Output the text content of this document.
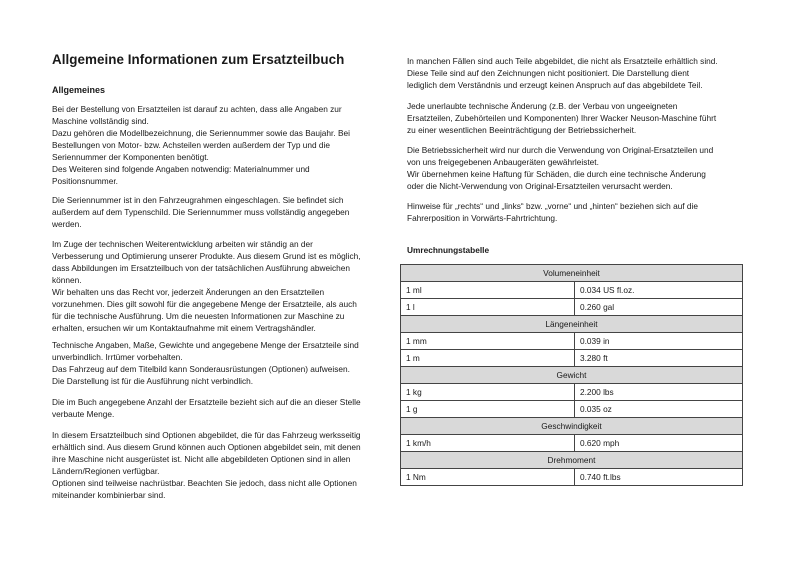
Allgemeine Informationen zum Ersatzteilbuch
Allgemeines

Bei der Bestellung von Ersatzteilen ist darauf zu achten, dass alle Angaben zur
Maschine vollständig sind.
Dazu gehören die Modellbezeichnung, die Seriennummer sowie das Baujahr. Bei
Bestellungen von Motor- bzw. Achsteilen werden außerdem der Typ und die
Seriennummer der Komponenten benötigt.
Des Weiteren sind folgende Angaben notwendig: Materialnummer und
Positionsnummer.

Die Seriennummer ist in den Fahrzeugrahmen eingeschlagen. Sie befindet sich
außerdem auf dem Typenschild. Die Seriennummer muss vollständig angegeben
werden.

Im Zuge der technischen Weiterentwicklung arbeiten wir ständig an der
Verbesserung und Optimierung unserer Produkte. Aus diesem Grund ist es möglich,
dass Abbildungen im Ersatzteilbuch von der tatsächlichen Ausführung abweichen
können.
Wir behalten uns das Recht vor, jederzeit Änderungen an den Ersatzteilen
vorzunehmen. Dies gilt sowohl für die angegebene Menge der Ersatzteile, als auch
für die technische Ausführung. Um die neuesten Informationen zur Maschine zu
erhalten, ersuchen wir um Kontaktaufnahme mit einem Vertragshändler.

Technische Angaben, Maße, Gewichte und angegebene Menge der Ersatzteile sind
unverbindlich. Irrtümer vorbehalten.
Das Fahrzeug auf dem Titelbild kann Sonderausrüstungen (Optionen) aufweisen.
Die Darstellung ist für die Ausführung nicht verbindlich.

Die im Buch angegebene Anzahl der Ersatzteile bezieht sich auf die an dieser Stelle
verbaute Menge.

In diesem Ersatzteilbuch sind Optionen abgebildet, die für das Fahrzeug werksseitig
erhältlich sind. Aus diesem Grund können auch Optionen abgebildet sein, mit denen
ihre Maschine nicht ausgerüstet ist. Nicht alle abgebildeten Optionen sind in allen
Ländern/Regionen verfügbar.
Optionen sind teilweise nachrüstbar. Beachten Sie jedoch, dass nicht alle Optionen
miteinander kombinierbar sind.

In manchen Fällen sind auch Teile abgebildet, die nicht als Ersatzteile erhältlich sind.
Diese Teile sind auf den Zeichnungen nicht positioniert. Die Darstellung dient
lediglich dem Verständnis und erzeugt keinen Anspruch auf das abgebildete Teil.

Jede unerlaubte technische Änderung (z.B. der Verbau von ungeeigneten
Ersatzteilen, Zubehörteilen und Komponenten) Ihrer Wacker Neuson-Maschine führt
zu einer wesentlichen Beeinträchtigung der Betriebssicherheit.

Die Betriebssicherheit wird nur durch die Verwendung von Original-Ersatzteilen und
von uns freigegebenen Anbaugeräten gewährleistet.
Wir übernehmen keine Haftung für Schäden, die durch eine technische Änderung
oder die Nicht-Verwendung von Original-Ersatzteilen verursacht werden.

Hinweise für „rechts“ und „links“ bzw. „vorne“ und „hinten“ beziehen sich auf die
Fahrerposition in Vorwärts-Fahrtrichtung.

Umrechnungstabelle
Volumeneinheit	
1 ml	0.034 US fl.oz.
1 l	0.260 gal
Längeneinheit	
1 mm	0.039 in
1 m	3.280 ft
Gewicht	
1 kg	2.200 lbs
1 g	0.035 oz
Geschwindigkeit	
1 km/h	0.620 mph
Drehmoment	
1 Nm	0.740 ft.lbs
